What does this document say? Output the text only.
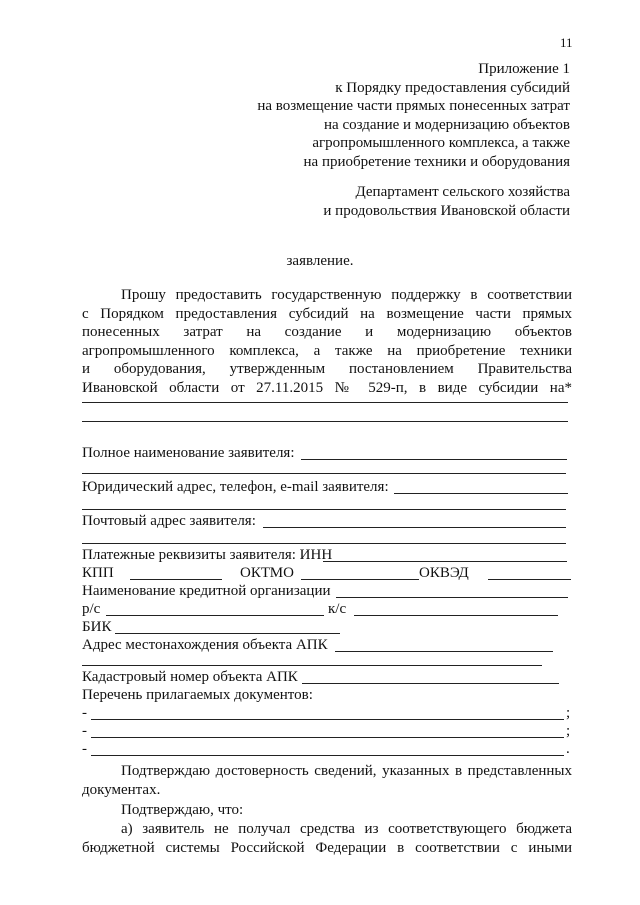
11
Приложение 1
к Порядку предоставления субсидий
на возмещение части прямых понесенных затрат
на создание и модернизацию объектов
агропромышленного комплекса, а также
на приобретение техники и оборудования
Департамент сельского хозяйства
и продовольствия Ивановской области
заявление.
Прошу предоставить государственную поддержку в соответствии
с Порядком предоставления субсидий на возмещение части прямых
понесенных затрат на создание и модернизацию объектов
агропромышленного комплекса, а также на приобретение техники
и оборудования, утвержденным постановлением Правительства
Ивановской области от 27.11.2015 № 529-п, в виде субсидии на*
Полное наименование заявителя:
Юридический адрес, телефон, e-mail заявителя:
Почтовый адрес заявителя:
Платежные реквизиты заявителя: ИНН
КПП	ОКТМО	ОКВЭД
Наименование кредитной организации
р/с	к/с
БИК
Адрес местонахождения объекта АПК
Кадастровый номер объекта АПК
Перечень прилагаемых документов:
-	;
-	;
-	.
Подтверждаю достоверность сведений, указанных в представленных
документах.
Подтверждаю, что:
а) заявитель не получал средства из соответствующего бюджета
бюджетной системы Российской Федерации в соответствии с иными
